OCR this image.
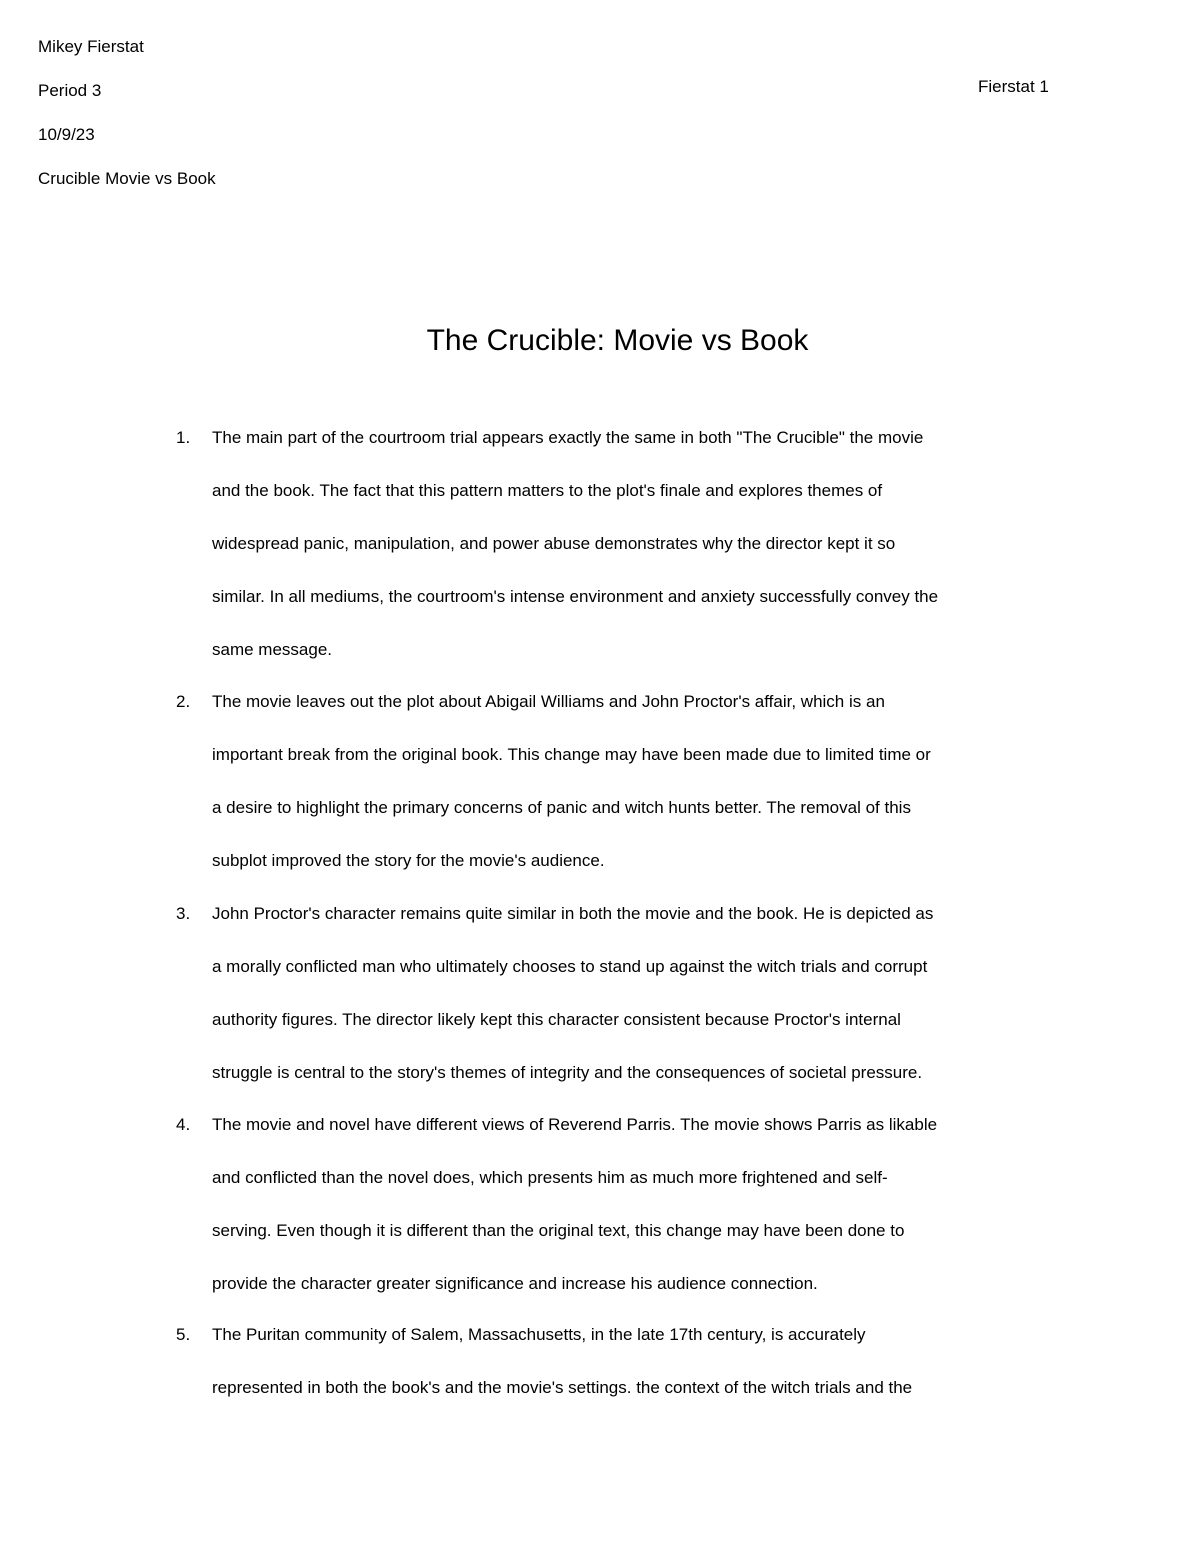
Mikey Fierstat
Period 3
10/9/23
Crucible Movie vs Book
Fierstat 1
The Crucible: Movie vs Book
1. The main part of the courtroom trial appears exactly the same in both "The Crucible" the movie
and the book. The fact that this pattern matters to the plot's finale and explores themes of
widespread panic, manipulation, and power abuse demonstrates why the director kept it so
similar. In all mediums, the courtroom's intense environment and anxiety successfully convey the
same message.
2. The movie leaves out the plot about Abigail Williams and John Proctor's affair, which is an
important break from the original book. This change may have been made due to limited time or
a desire to highlight the primary concerns of panic and witch hunts better. The removal of this
subplot improved the story for the movie's audience.
3. John Proctor's character remains quite similar in both the movie and the book. He is depicted as
a morally conflicted man who ultimately chooses to stand up against the witch trials and corrupt
authority figures. The director likely kept this character consistent because Proctor's internal
struggle is central to the story's themes of integrity and the consequences of societal pressure.
4. The movie and novel have different views of Reverend Parris. The movie shows Parris as likable
and conflicted than the novel does, which presents him as much more frightened and self-
serving. Even though it is different than the original text, this change may have been done to
provide the character greater significance and increase his audience connection.
5. The Puritan community of Salem, Massachusetts, in the late 17th century, is accurately
represented in both the book's and the movie's settings. the context of the witch trials and the
